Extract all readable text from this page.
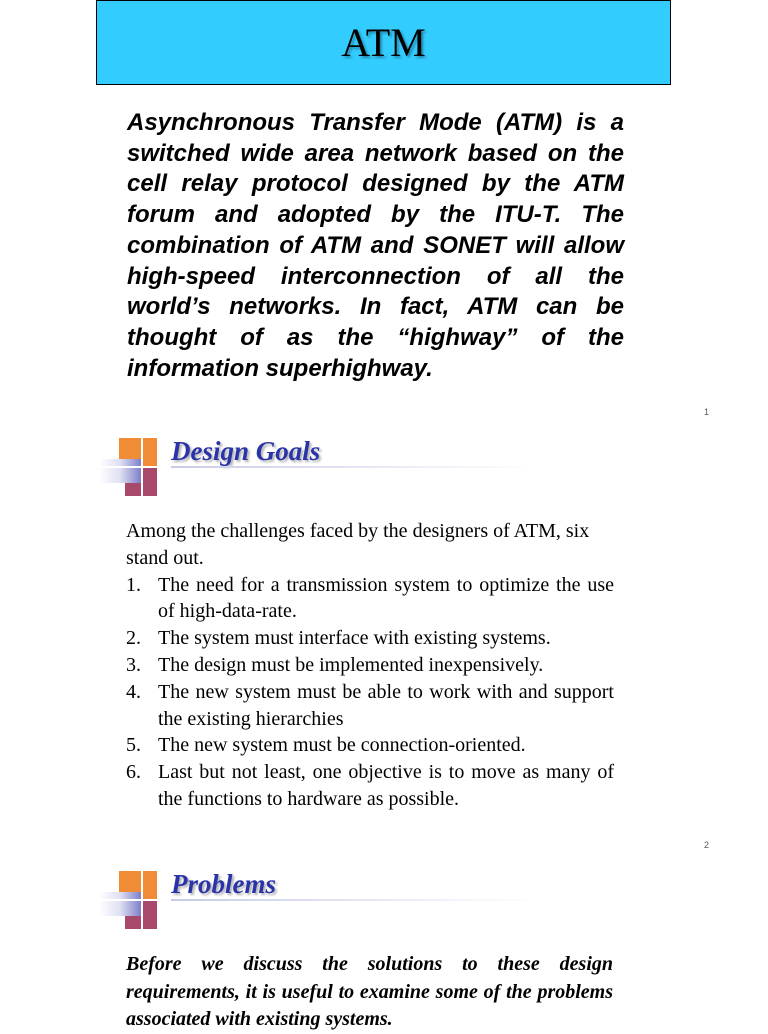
ATM

Asynchronous Transfer Mode (ATM) is a switched wide area network based on the cell relay protocol designed by the ATM forum and adopted by the ITU-T. The combination of ATM and SONET will allow high-speed interconnection of all the world’s networks. In fact, ATM can be thought of as the “highway” of the information superhighway.

1
Design Goals

Among the challenges faced by the designers of ATM, six stand out.

1. The need for a transmission system to optimize the use of high-data-rate.
2. The system must interface with existing systems.
3. The design must be implemented inexpensively.
4. The new system must be able to work with and support the existing hierarchies
5. The new system must be connection-oriented.
6. Last but not least, one objective is to move as many of the functions to hardware as possible.
2
Problems

Before we discuss the solutions to these design requirements, it is useful to examine some of the problems associated with existing systems.
